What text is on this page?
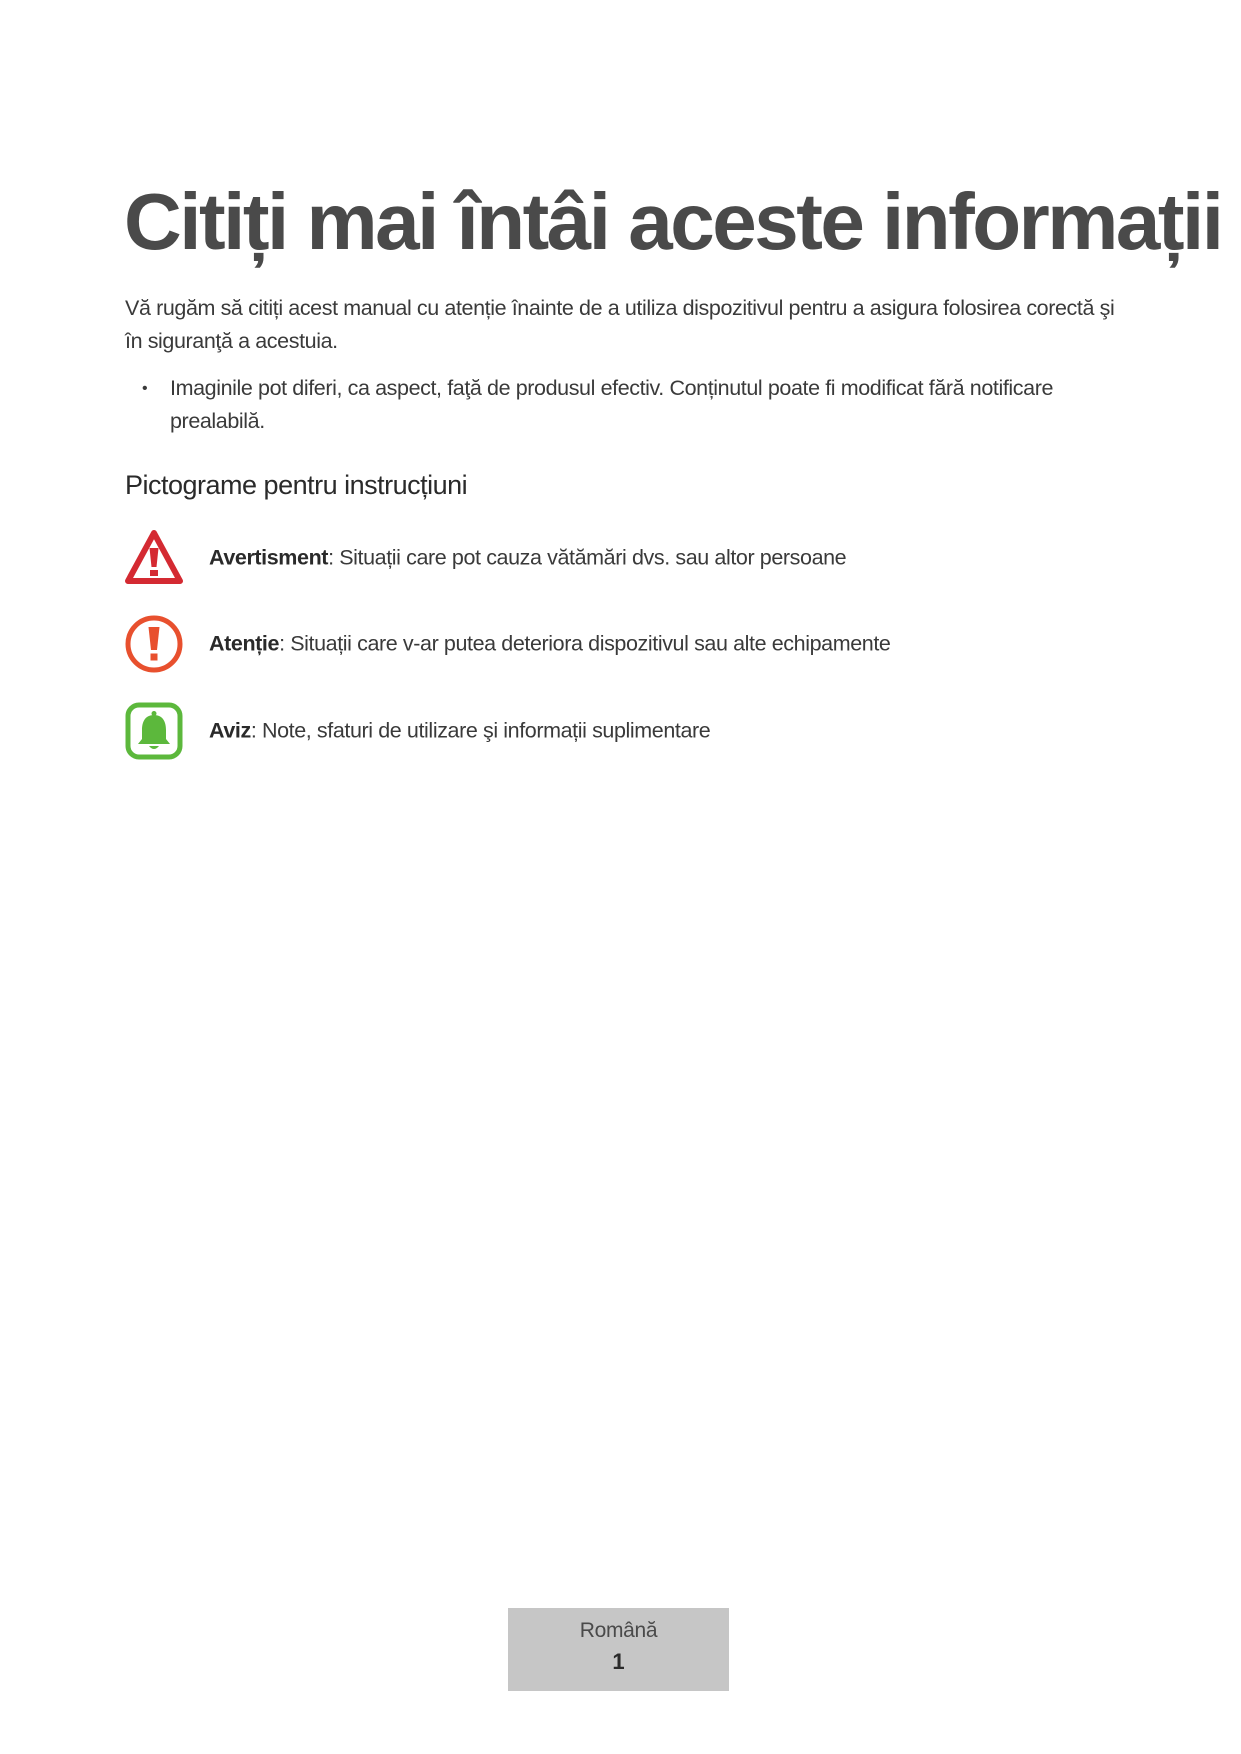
Citiți mai întâi aceste informații

Vă rugăm să citiți acest manual cu atenție înainte de a utiliza dispozitivul pentru a asigura folosirea corectă şi în siguranţă a acestuia.

• Imaginile pot diferi, ca aspect, faţă de produsul efectiv. Conținutul poate fi modificat fără notificare prealabilă.
Pictograme pentru instrucțiuni
Avertisment: Situații care pot cauza vătămări dvs. sau altor persoane
Atenție: Situații care v-ar putea deteriora dispozitivul sau alte echipamente
Aviz: Note, sfaturi de utilizare şi informații suplimentare
Română
1
